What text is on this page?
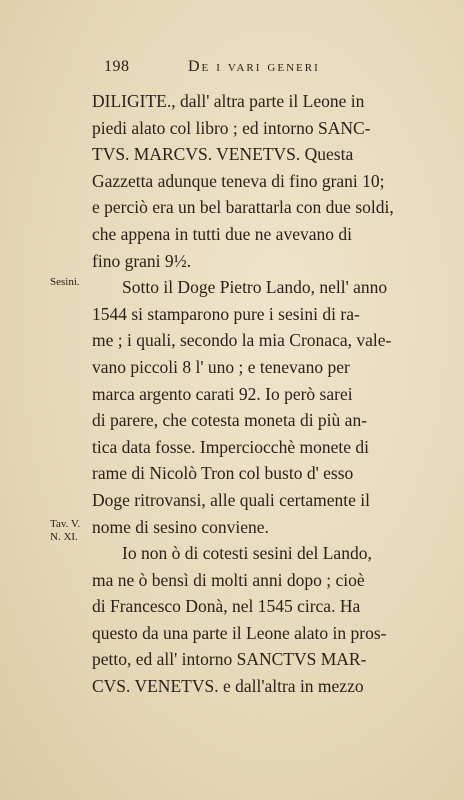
198	De i vari generi
Sesini.
Tav. V.
N. XI.
DILIGITE., dall' altra parte il Leone in
piedi alato col libro ; ed intorno SANC-
TVS. MARCVS. VENETVS. Questa
Gazzetta adunque teneva di fino grani 10;
e perciò era un bel barattarla con due soldi,
che appena in tutti due ne avevano di
fino grani 9½.
Sotto il Doge Pietro Lando, nell' anno
1544 si stamparono pure i sesini di ra-
me ; i quali, secondo la mia Cronaca, vale-
vano piccoli 8 l' uno ; e tenevano per
marca argento carati 92. Io però sarei
di parere, che cotesta moneta di più an-
tica data fosse. Imperciocchè monete di
rame di Nicolò Tron col busto d' esso
Doge ritrovansi, alle quali certamente il
nome di sesino conviene.
Io non ò di cotesti sesini del Lando,
ma ne ò bensì di molti anni dopo ; cioè
di Francesco Donà, nel 1545 circa. Ha
questo da una parte il Leone alato in pros-
petto, ed all' intorno SANCTVS MAR-
CVS. VENETVS. e dall'altra in mezzo
